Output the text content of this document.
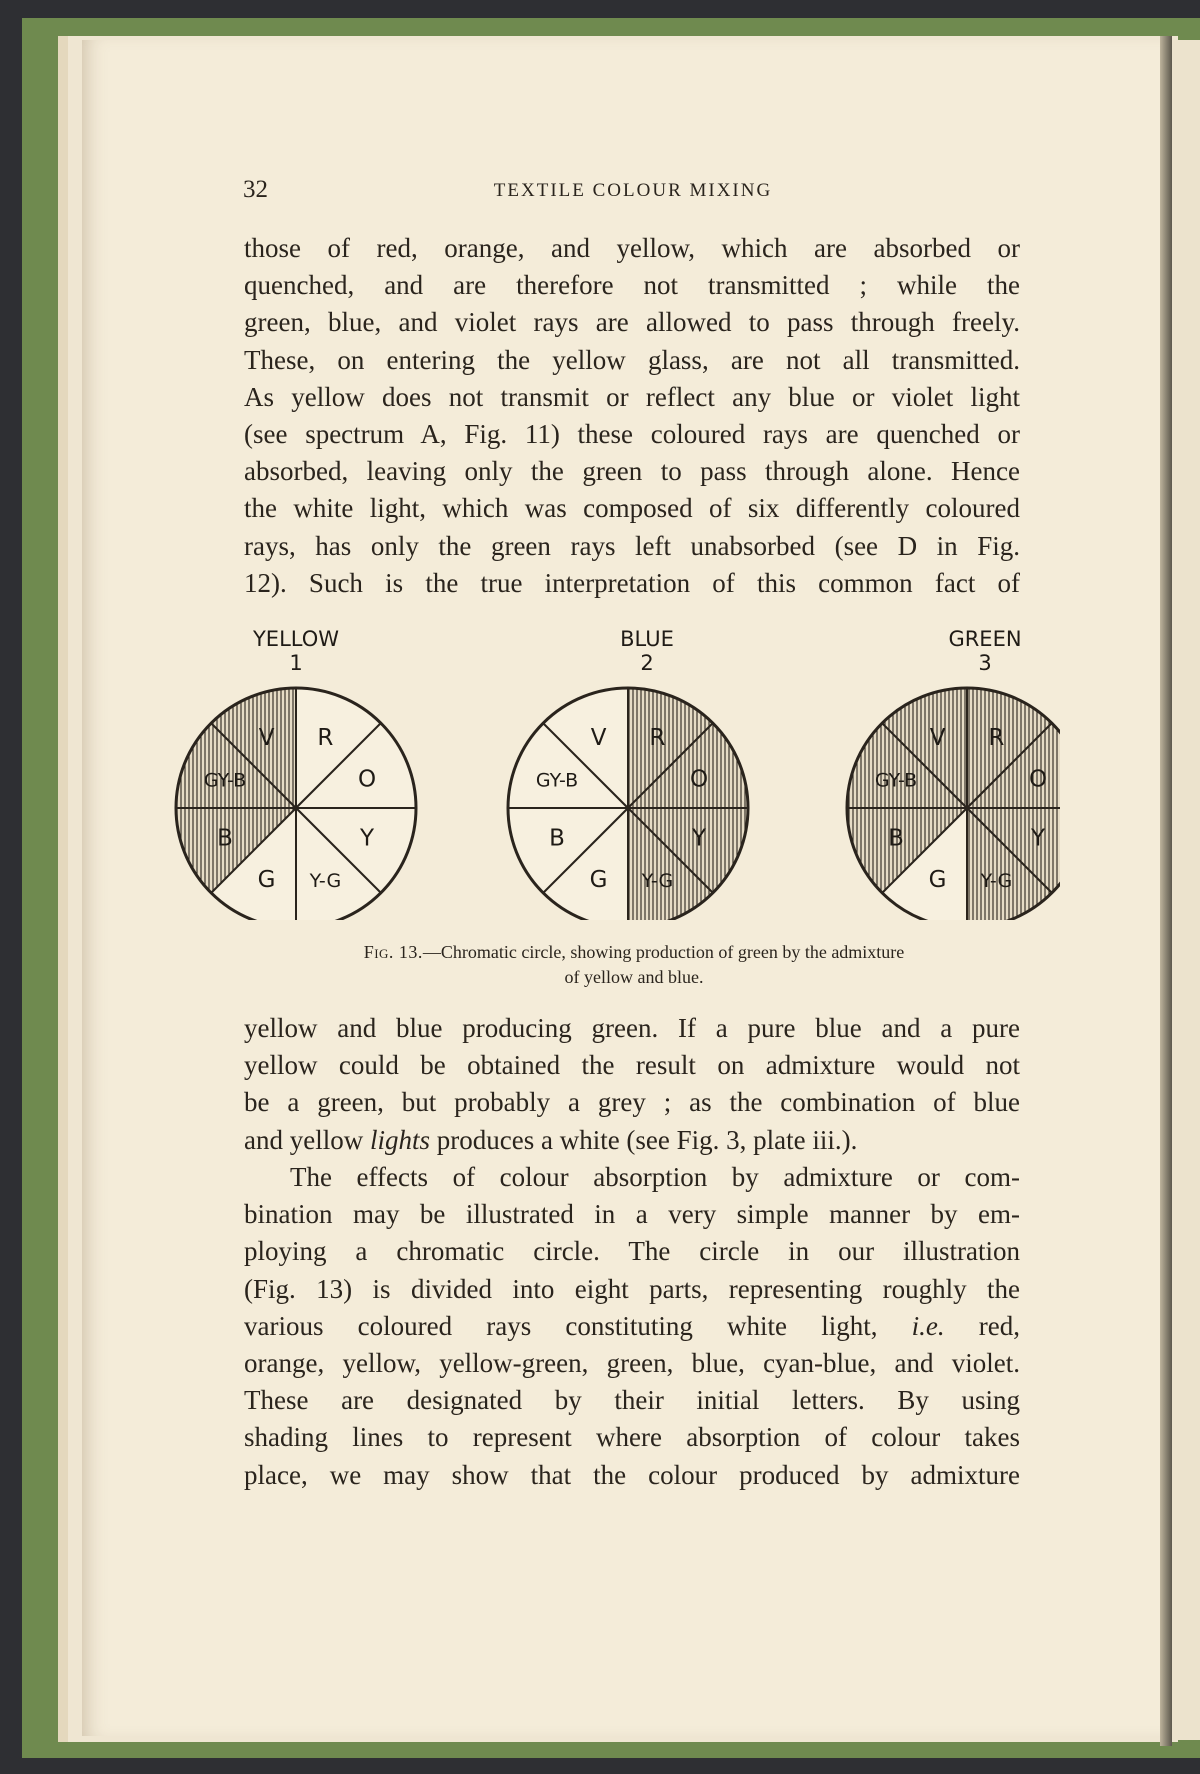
32	TEXTILE COLOUR MIXING
those of red, orange, and yellow, which are absorbed or
quenched, and are therefore not transmitted ; while the
green, blue, and violet rays are allowed to pass through freely.
These, on entering the yellow glass, are not all transmitted.
As yellow does not transmit or reflect any blue or violet light
(see spectrum A, Fig. 11) these coloured rays are quenched or
absorbed, leaving only the green to pass through alone. Hence
the white light, which was composed of six differently coloured
rays, has only the green rays left unabsorbed (see D in Fig.
12). Such is the true interpretation of this common fact of
YELLOW
1
R
O
Y
Y-G
G
B
GY-B
V
BLUE
2
R
O
Y
Y-G
G
B
GY-B
V
GREEN
3
R
O
Y
Y-G
G
B
GY-B
V
Fig. 13.—Chromatic circle, showing production of green by the admixture
of yellow and blue.
yellow and blue producing green. If a pure blue and a pure
yellow could be obtained the result on admixture would not
be a green, but probably a grey ; as the combination of blue
and yellow lights produces a white (see Fig. 3, plate iii.).
The effects of colour absorption by admixture or com-
bination may be illustrated in a very simple manner by em-
ploying a chromatic circle. The circle in our illustration
(Fig. 13) is divided into eight parts, representing roughly the
various coloured rays constituting white light, i.e. red,
orange, yellow, yellow-green, green, blue, cyan-blue, and violet.
These are designated by their initial letters. By using
shading lines to represent where absorption of colour takes
place, we may show that the colour produced by admixture
